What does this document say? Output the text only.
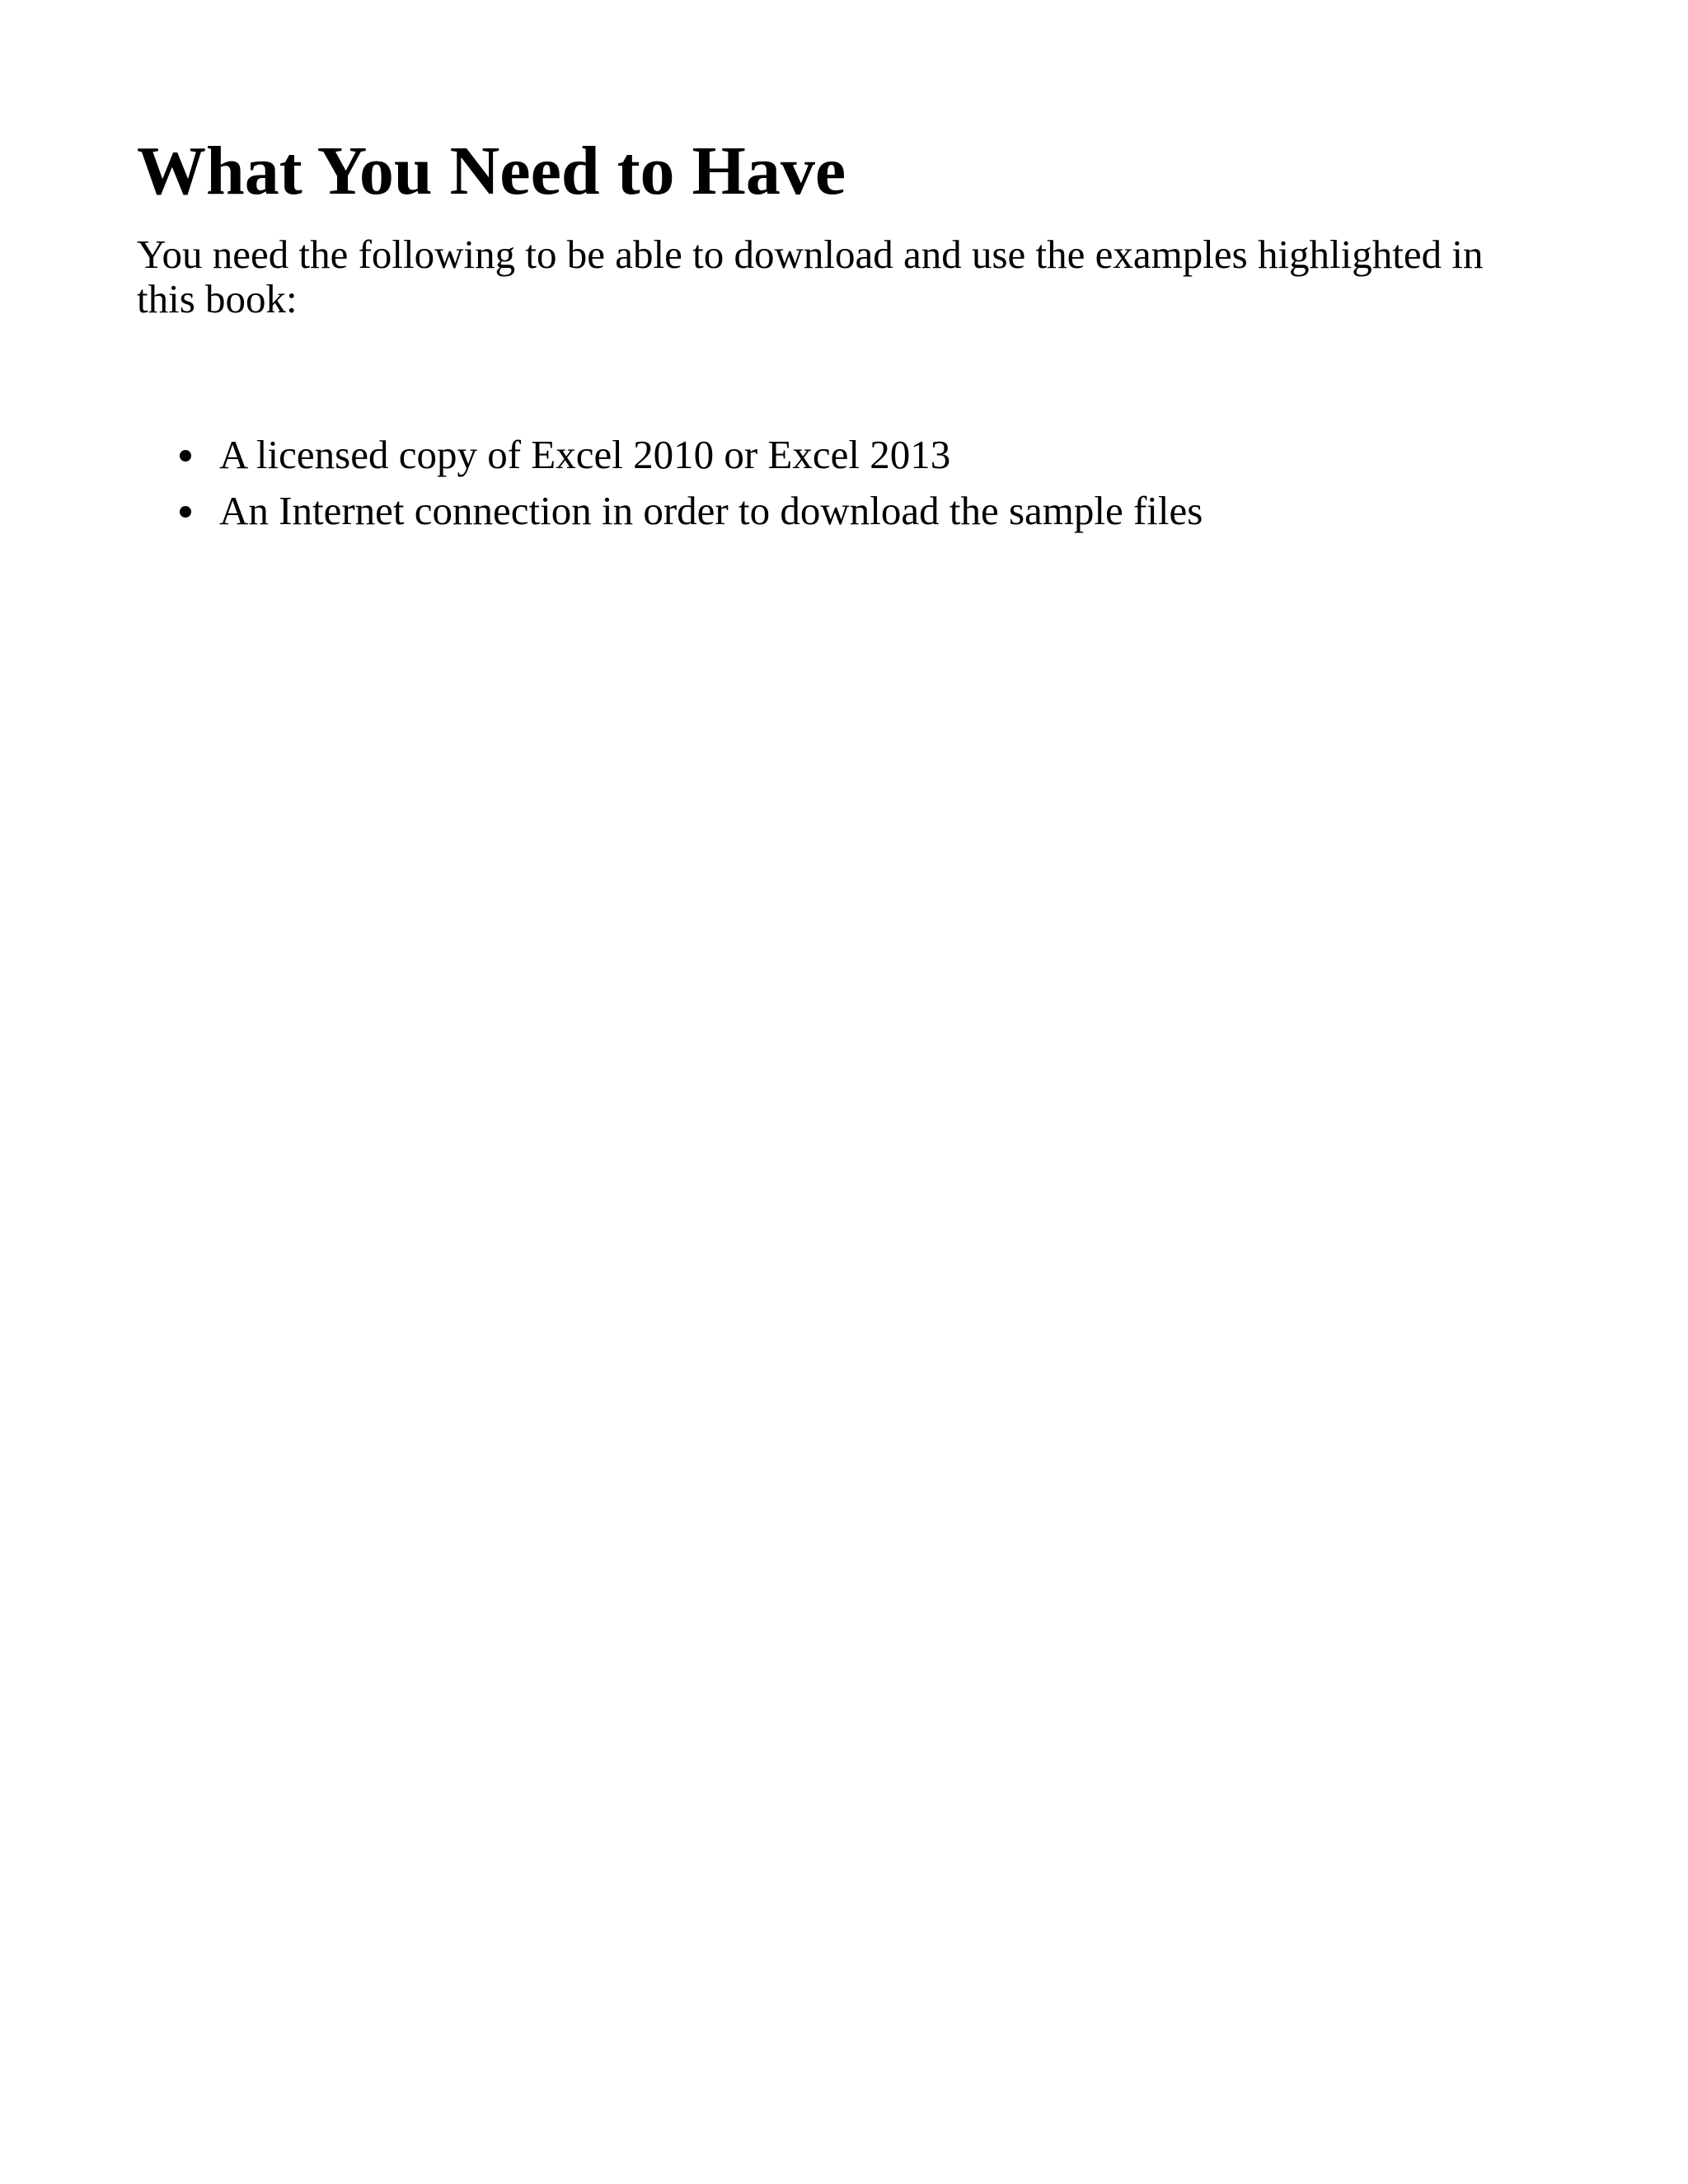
What You Need to Have

You need the following to be able to download and use the examples highlighted in this book:

A licensed copy of Excel 2010 or Excel 2013
An Internet connection in order to download the sample files
